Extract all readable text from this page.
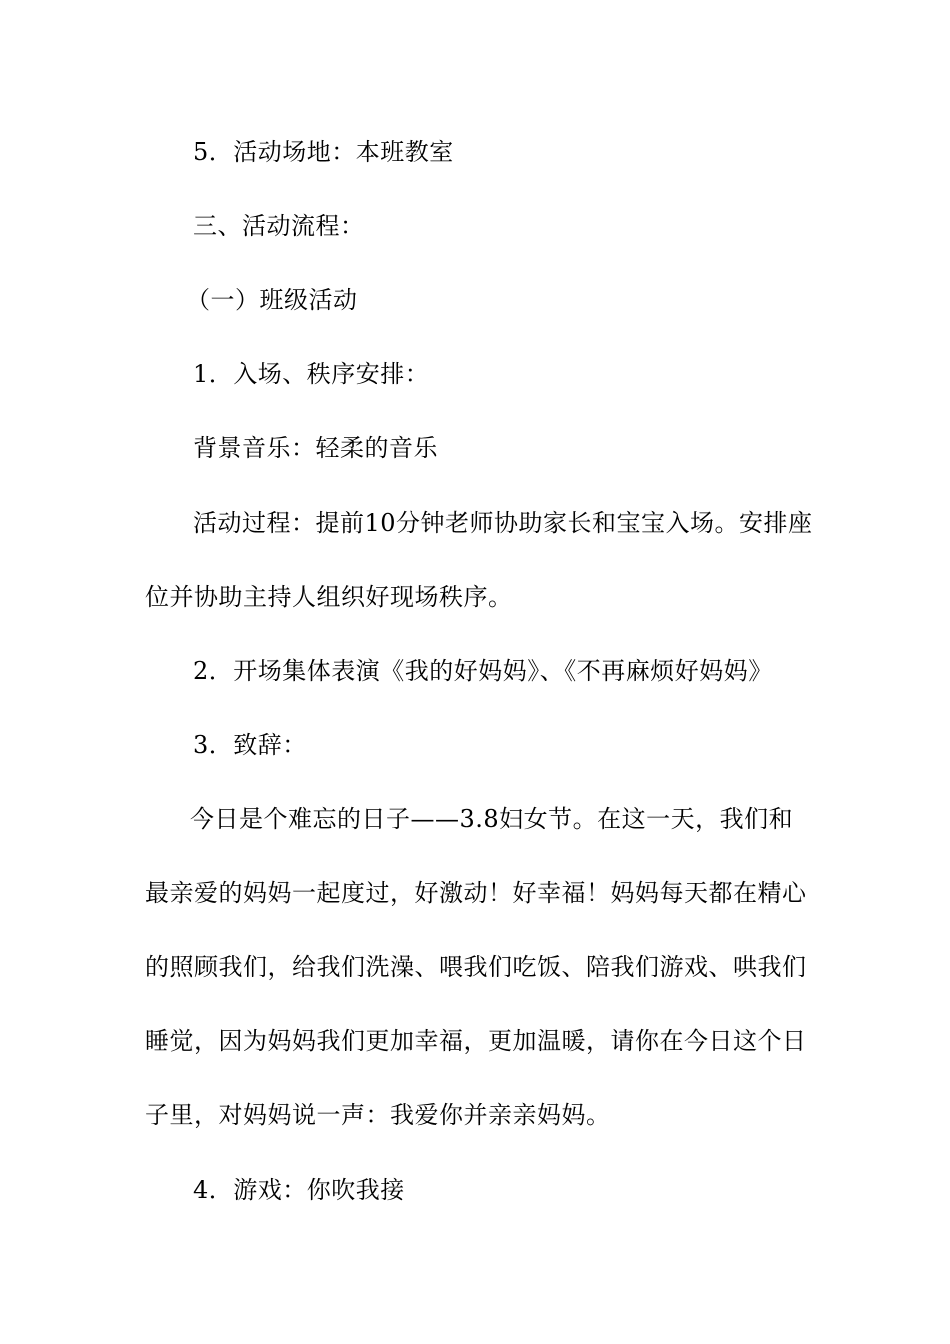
5．活动场地：本班教室
三、活动流程：
（一）班级活动
1．入场、秩序安排：
背景音乐：轻柔的音乐
活动过程：提前10分钟老师协助家长和宝宝入场。安排座
位并协助主持人组织好现场秩序。
2．开场集体表演《我的好妈妈》、《不再麻烦好妈妈》
3．致辞：
今日是个难忘的日子——3.8妇女节。在这一天，我们和
最亲爱的妈妈一起度过，好激动！好幸福！妈妈每天都在精心
的照顾我们，给我们洗澡、喂我们吃饭、陪我们游戏、哄我们
睡觉，因为妈妈我们更加幸福，更加温暖，请你在今日这个日
子里，对妈妈说一声：我爱你并亲亲妈妈。
4．游戏：你吹我接
